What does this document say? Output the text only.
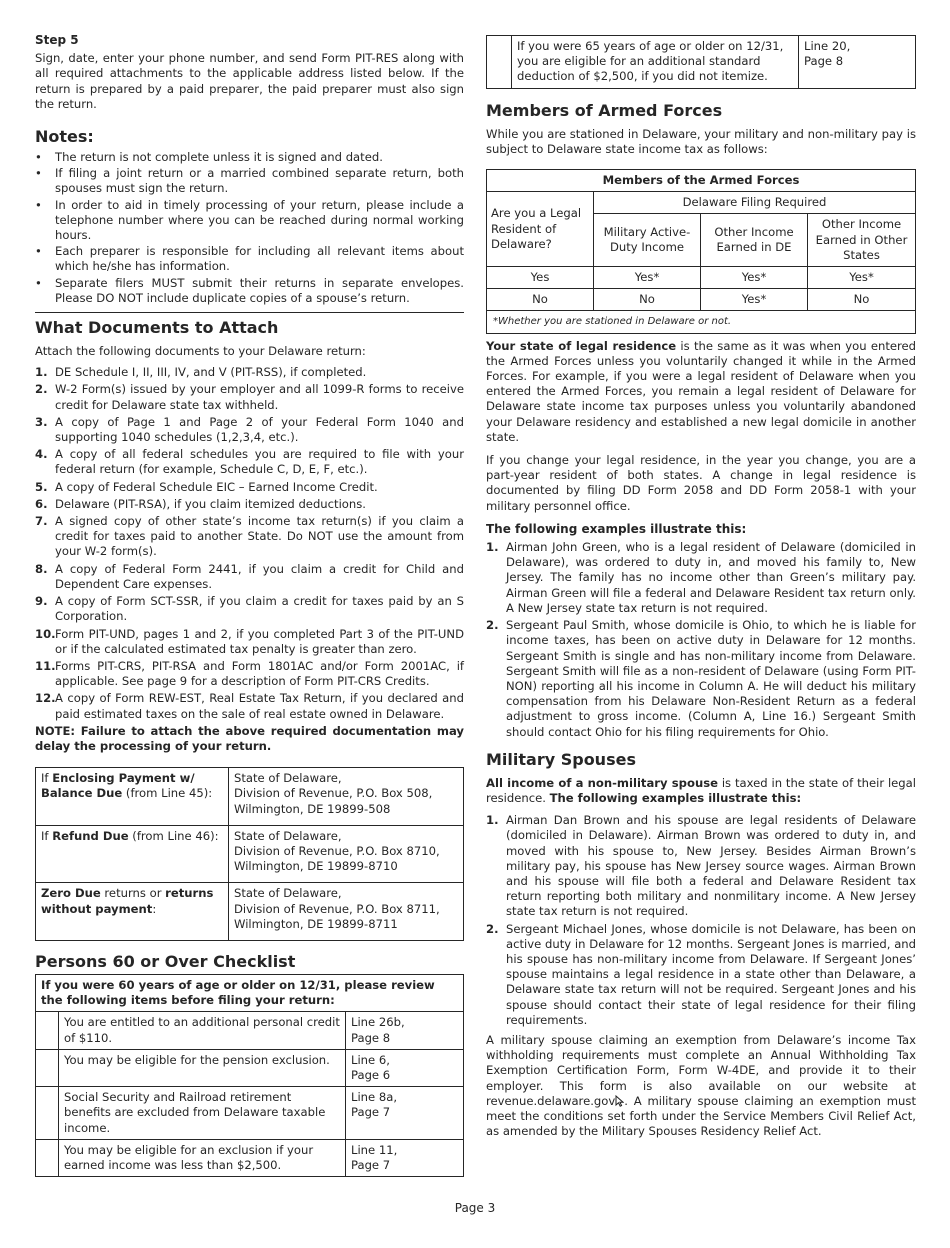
Step 5

Sign, date, enter your phone number, and send Form PIT-RES along with all required attachments to the applicable address listed below. If the return is prepared by a paid preparer, the paid preparer must also sign the return.

Notes:
• The return is not complete unless it is signed and dated.
• If filing a joint return or a married combined separate return, both spouses must sign the return.
• In order to aid in timely processing of your return, please include a telephone number where you can be reached during normal working hours.
• Each preparer is responsible for including all relevant items about which he/she has information.
• Separate filers MUST submit their returns in separate envelopes. Please DO NOT include duplicate copies of a spouse’s return.
What Documents to Attach

Attach the following documents to your Delaware return:

1. DE Schedule I, II, III, IV, and V (PIT-RSS), if completed.
2. W-2 Form(s) issued by your employer and all 1099-R forms to receive credit for Delaware state tax withheld.
3. A copy of Page 1 and Page 2 of your Federal Form 1040 and supporting 1040 schedules (1,2,3,4, etc.).
4. A copy of all federal schedules you are required to file with your federal return (for example, Schedule C, D, E, F, etc.).
5. A copy of Federal Schedule EIC – Earned Income Credit.
6. Delaware (PIT-RSA), if you claim itemized deductions.
7. A signed copy of other state’s income tax return(s) if you claim a credit for taxes paid to another State. Do NOT use the amount from your W-2 form(s).
8. A copy of Federal Form 2441, if you claim a credit for Child and Dependent Care expenses.
9. A copy of Form SCT-SSR, if you claim a credit for taxes paid by an S Corporation.
10. Form PIT-UND, pages 1 and 2, if you completed Part 3 of the PIT-UND or if the calculated estimated tax penalty is greater than zero.
11. Forms PIT-CRS, PIT-RSA and Form 1801AC and/or Form 2001AC, if applicable. See page 9 for a description of Form PIT-CRS Credits.
12. A copy of Form REW-EST, Real Estate Tax Return, if you declared and paid estimated taxes on the sale of real estate owned in Delaware.

NOTE: Failure to attach the above required documentation may delay the processing of your return.

If Enclosing Payment w/ Balance Due (from Line 45):	State of Delaware,
Division of Revenue, P.O. Box 508,
Wilmington, DE 19899-508
If Refund Due (from Line 46):	State of Delaware,
Division of Revenue, P.O. Box 8710,
Wilmington, DE 19899-8710
Zero Due returns or returns without payment:	State of Delaware,
Division of Revenue, P.O. Box 8711,
Wilmington, DE 19899-8711
Persons 60 or Over Checklist
If you were 60 years of age or older on 12/31, please review the following items before filing your return:		
	You are entitled to an additional personal credit of $110.	Line 26b,
Page 8
	You may be eligible for the pension exclusion.	Line 6,
Page 6
	Social Security and Railroad retirement benefits are excluded from Delaware taxable income.	Line 8a,
Page 7
	You may be eligible for an exclusion if your earned income was less than $2,500.	Line 11,
Page 7
	If you were 65 years of age or older on 12/31, you are eligible for an additional standard deduction of $2,500, if you did not itemize.	Line 20,
Page 8
Members of Armed Forces

While you are stationed in Delaware, your military and non-military pay is subject to Delaware state income tax as follows:

Members of the Armed Forces			
Are you a Legal Resident of Delaware?	Delaware Filing Required		
	Military Active-Duty Income	Other Income Earned in DE	Other Income Earned in Other States
Yes	Yes*	Yes*	Yes*
No	No	Yes*	No
*Whether you are stationed in Delaware or not.			

Your state of legal residence is the same as it was when you entered the Armed Forces unless you voluntarily changed it while in the Armed Forces. For example, if you were a legal resident of Delaware when you entered the Armed Forces, you remain a legal resident of Delaware for Delaware state income tax purposes unless you voluntarily abandoned your Delaware residency and established a new legal domicile in another state.

If you change your legal residence, in the year you change, you are a part-year resident of both states. A change in legal residence is documented by filing DD Form 2058 and DD Form 2058-1 with your military personnel office.

The following examples illustrate this:
1. Airman John Green, who is a legal resident of Delaware (domiciled in Delaware), was ordered to duty in, and moved his family to, New Jersey. The family has no income other than Green’s military pay. Airman Green will file a federal and Delaware Resident tax return only. A New Jersey state tax return is not required.
2. Sergeant Paul Smith, whose domicile is Ohio, to which he is liable for income taxes, has been on active duty in Delaware for 12 months. Sergeant Smith is single and has non-military income from Delaware. Sergeant Smith will file as a non-resident of Delaware (using Form PIT-NON) reporting all his income in Column A. He will deduct his military compensation from his Delaware Non-Resident Return as a federal adjustment to gross income. (Column A, Line 16.) Sergeant Smith should contact Ohio for his filing requirements for Ohio.
Military Spouses

All income of a non-military spouse is taxed in the state of their legal residence. The following examples illustrate this:

1. Airman Dan Brown and his spouse are legal residents of Delaware (domiciled in Delaware). Airman Brown was ordered to duty in, and moved with his spouse to, New Jersey. Besides Airman Brown’s military pay, his spouse has New Jersey source wages. Airman Brown and his spouse will file both a federal and Delaware Resident tax return reporting both military and nonmilitary income. A New Jersey state tax return is not required.
2. Sergeant Michael Jones, whose domicile is not Delaware, has been on active duty in Delaware for 12 months. Sergeant Jones is married, and his spouse has non-military income from Delaware. If Sergeant Jones’ spouse maintains a legal residence in a state other than Delaware, a Delaware state tax return will not be required. Sergeant Jones and his spouse should contact their state of legal residence for their filing requirements.

A military spouse claiming an exemption from Delaware’s income Tax withholding requirements must complete an Annual Withholding Tax Exemption Certification Form, Form W-4DE, and provide it to their employer. This form is also available on our website at revenue.delaware.gov . A military spouse claiming an exemption must meet the conditions set forth under the Service Members Civil Relief Act, as amended by the Military Spouses Residency Relief Act.

Page 3
